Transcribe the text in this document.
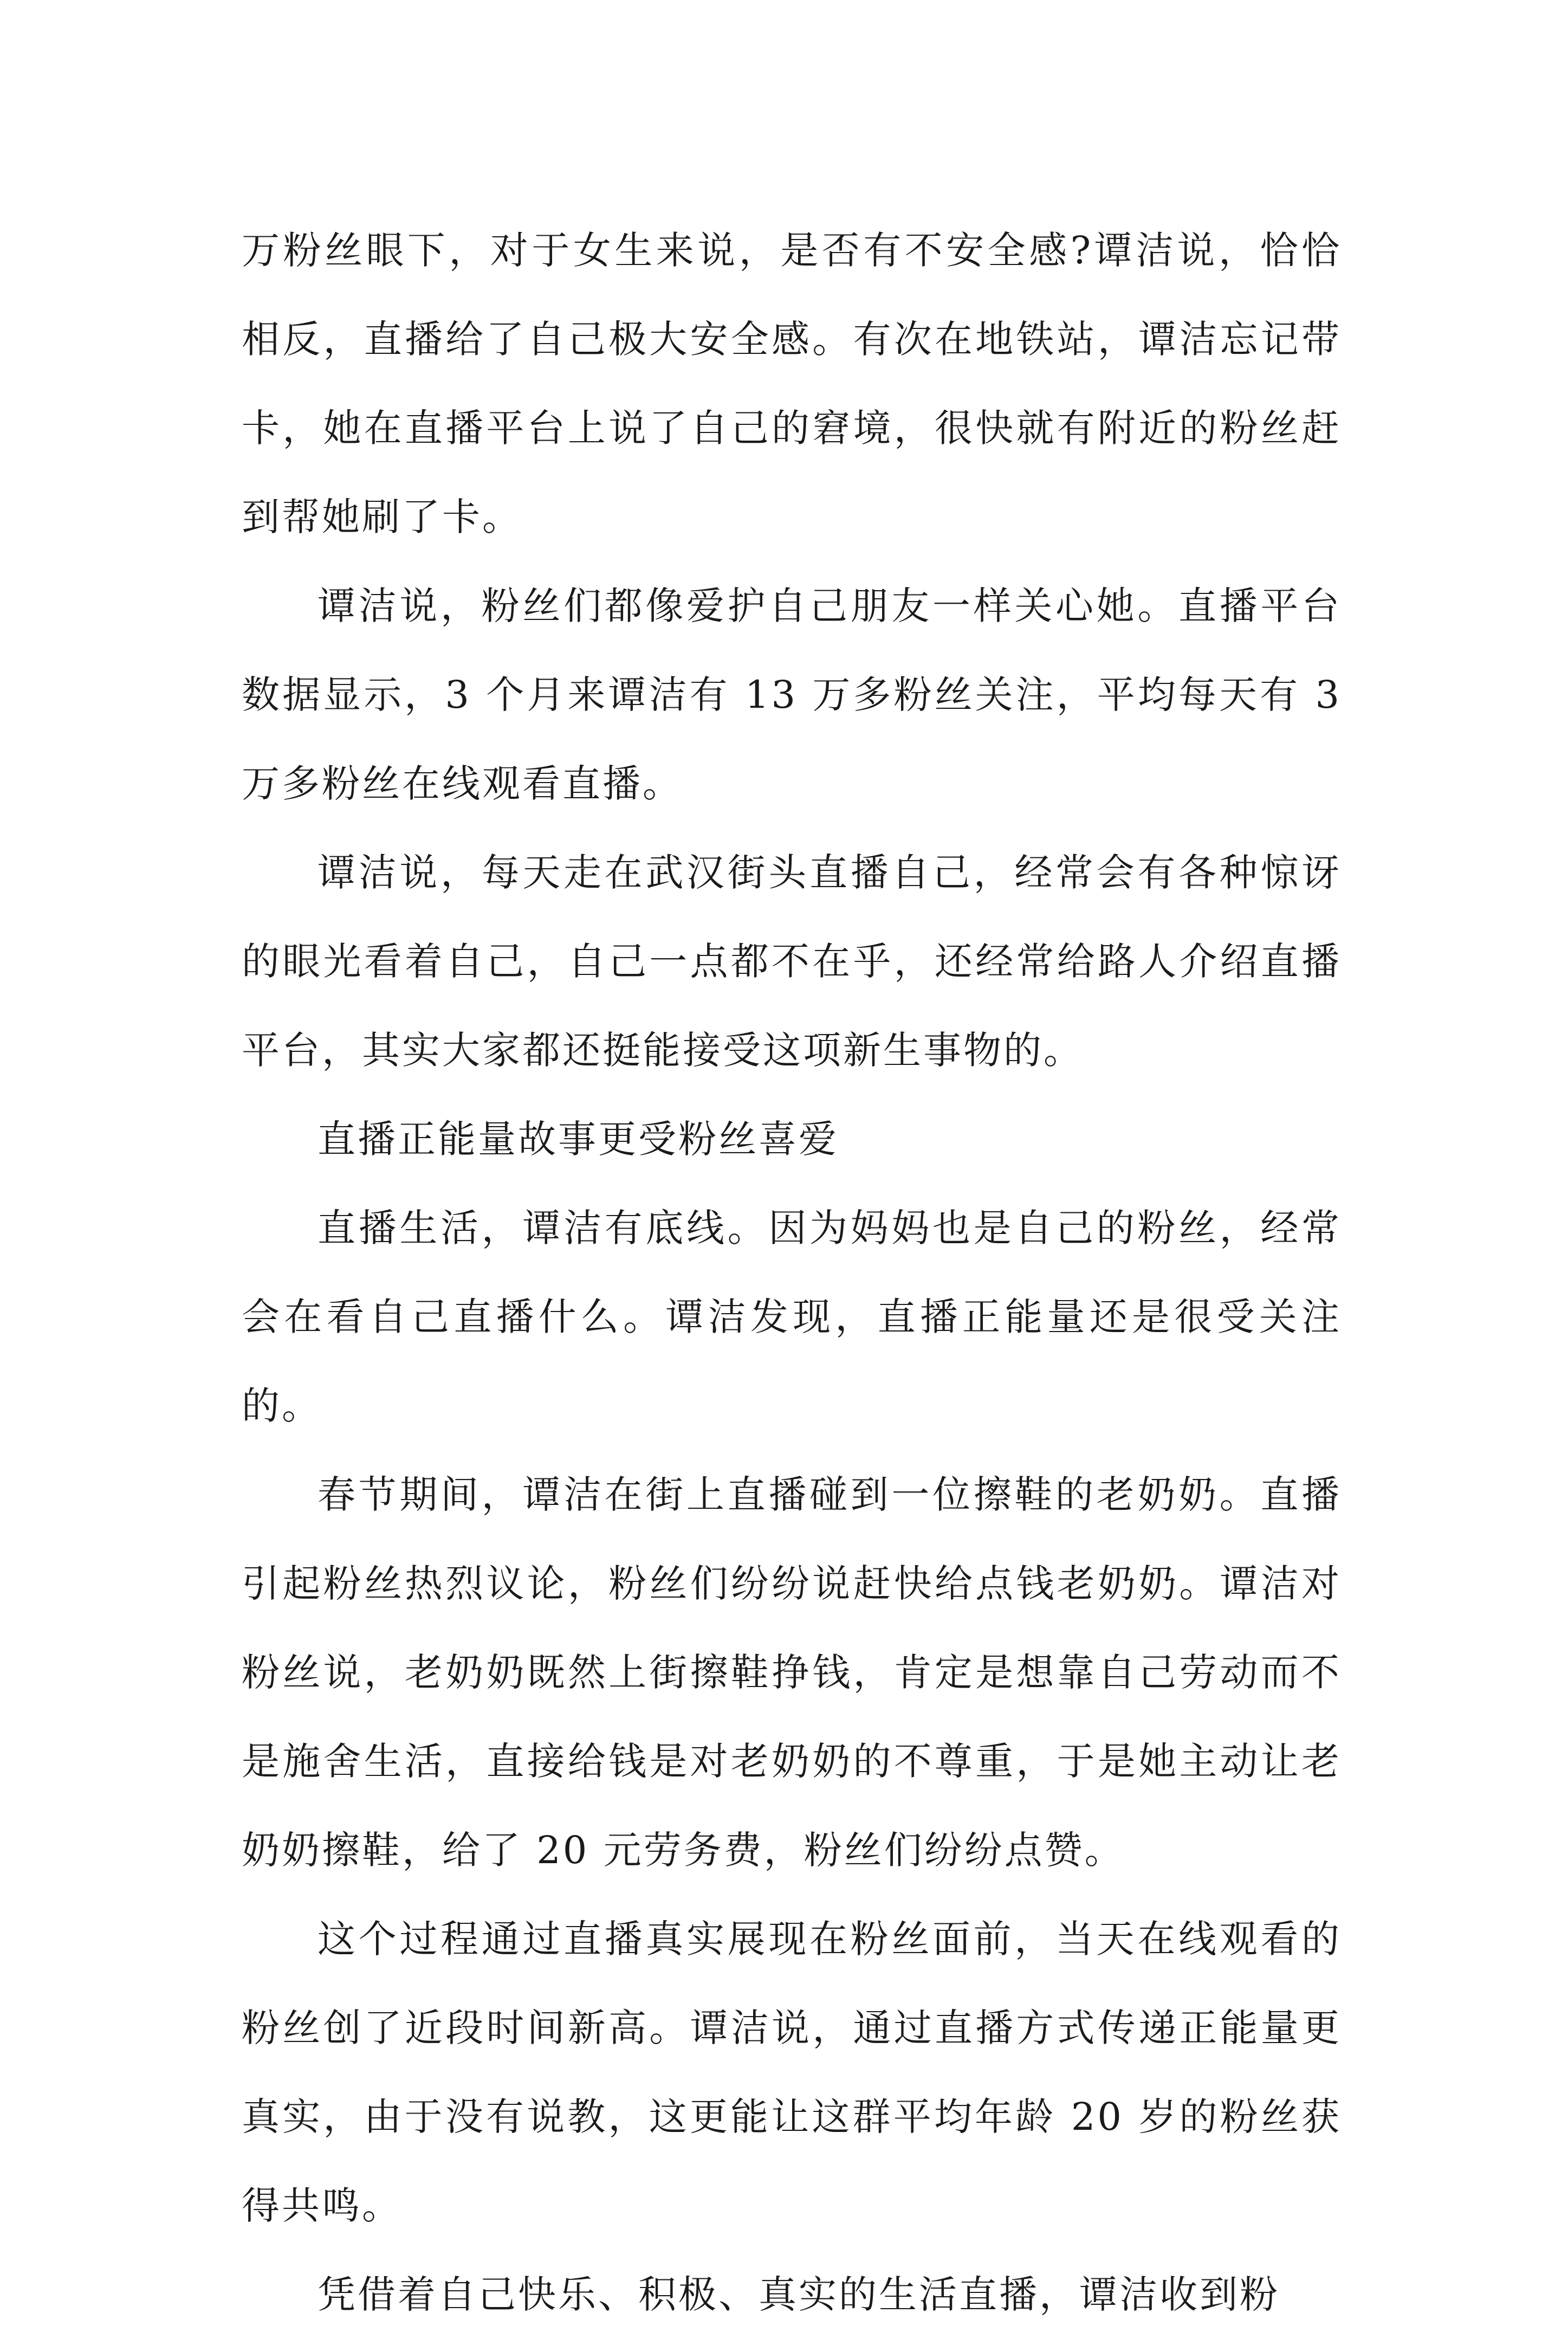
万粉丝眼下，对于女生来说，是否有不安全感?谭洁说，恰恰相反，直播给了自己极大安全感。有次在地铁站，谭洁忘记带卡，她在直播平台上说了自己的窘境，很快就有附近的粉丝赶到帮她刷了卡。

谭洁说，粉丝们都像爱护自己朋友一样关心她。直播平台数据显示，3 个月来谭洁有 13 万多粉丝关注，平均每天有 3 万多粉丝在线观看直播。

谭洁说，每天走在武汉街头直播自己，经常会有各种惊讶的眼光看着自己，自己一点都不在乎，还经常给路人介绍直播平台，其实大家都还挺能接受这项新生事物的。

直播正能量故事更受粉丝喜爱

直播生活，谭洁有底线。因为妈妈也是自己的粉丝，经常会在看自己直播什么。谭洁发现，直播正能量还是很受关注的。

春节期间，谭洁在街上直播碰到一位擦鞋的老奶奶。直播引起粉丝热烈议论，粉丝们纷纷说赶快给点钱老奶奶。谭洁对粉丝说，老奶奶既然上街擦鞋挣钱，肯定是想靠自己劳动而不是施舍生活，直接给钱是对老奶奶的不尊重，于是她主动让老奶奶擦鞋，给了 20 元劳务费，粉丝们纷纷点赞。

这个过程通过直播真实展现在粉丝面前，当天在线观看的粉丝创了近段时间新高。谭洁说，通过直播方式传递正能量更真实，由于没有说教，这更能让这群平均年龄 20 岁的粉丝获得共鸣。

凭借着自己快乐、积极、真实的生活直播，谭洁收到粉
